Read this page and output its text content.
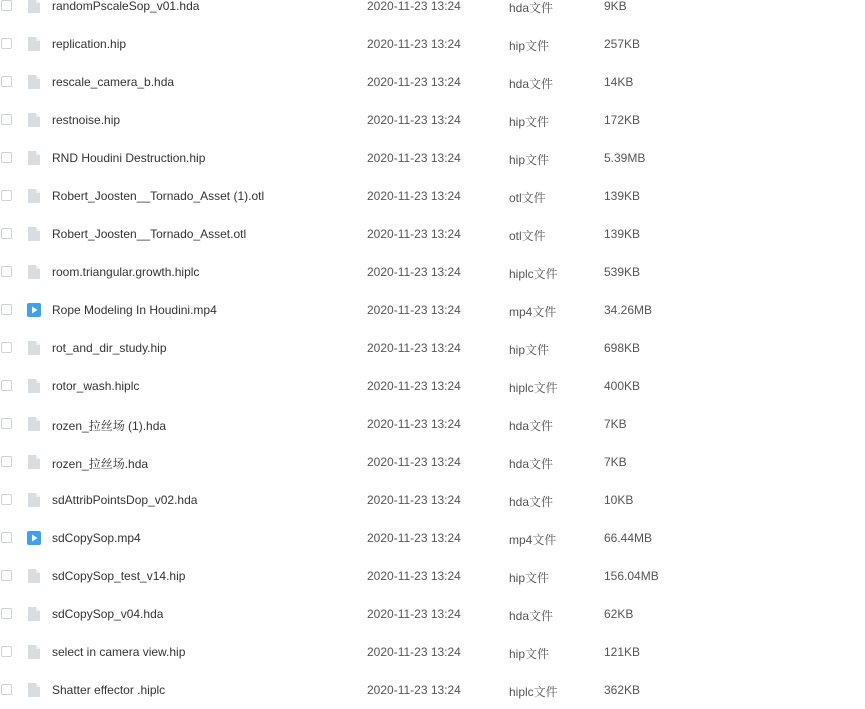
randomPscaleSop_v01.hda	2020-11-23 13:24	hda文件	9KB
replication.hip	2020-11-23 13:24	hip文件	257KB
rescale_camera_b.hda	2020-11-23 13:24	hda文件	14KB
restnoise.hip	2020-11-23 13:24	hip文件	172KB
RND Houdini Destruction.hip	2020-11-23 13:24	hip文件	5.39MB
Robert_Joosten__Tornado_Asset (1).otl	2020-11-23 13:24	otl文件	139KB
Robert_Joosten__Tornado_Asset.otl	2020-11-23 13:24	otl文件	139KB
room.triangular.growth.hiplc	2020-11-23 13:24	hiplc文件	539KB
Rope Modeling In Houdini.mp4	2020-11-23 13:24	mp4文件	34.26MB
rot_and_dir_study.hip	2020-11-23 13:24	hip文件	698KB
rotor_wash.hiplc	2020-11-23 13:24	hiplc文件	400KB
rozen_拉丝场 (1).hda	2020-11-23 13:24	hda文件	7KB
rozen_拉丝场.hda	2020-11-23 13:24	hda文件	7KB
sdAttribPointsDop_v02.hda	2020-11-23 13:24	hda文件	10KB
sdCopySop.mp4	2020-11-23 13:24	mp4文件	66.44MB
sdCopySop_test_v14.hip	2020-11-23 13:24	hip文件	156.04MB
sdCopySop_v04.hda	2020-11-23 13:24	hda文件	62KB
select in camera view.hip	2020-11-23 13:24	hip文件	121KB
Shatter effector .hiplc	2020-11-23 13:24	hiplc文件	362KB
